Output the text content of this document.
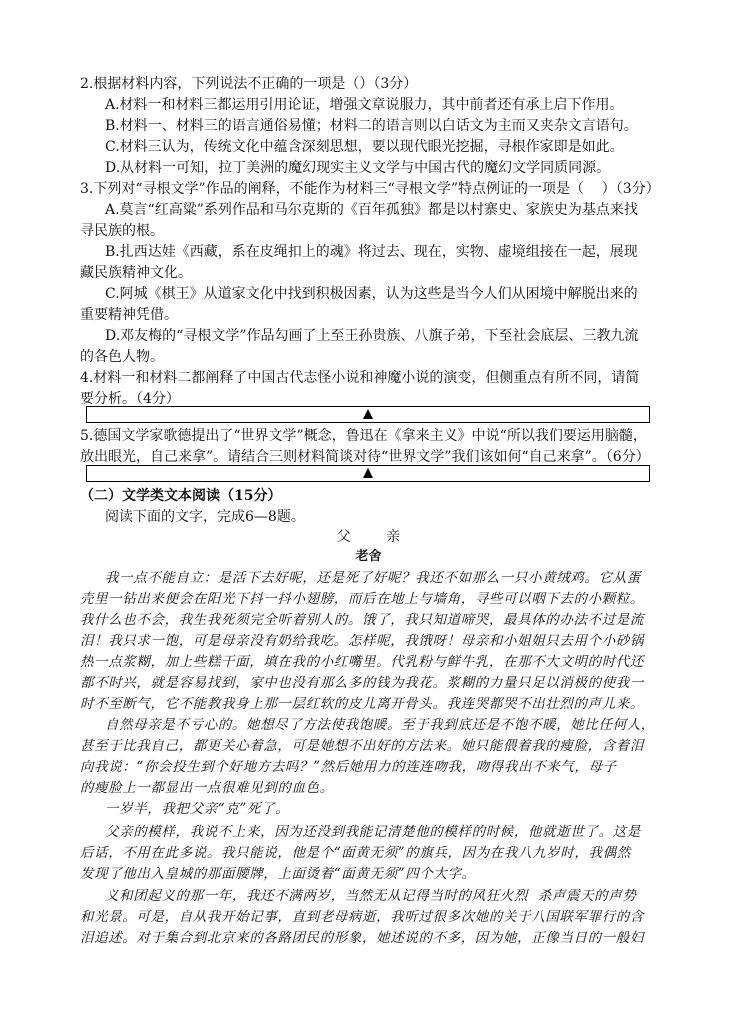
2.根据材料内容，下列说法不正确的一项是（）（3分）
A.材料一和材料三都运用引用论证，增强文章说服力，其中前者还有承上启下作用。
B.材料一、材料三的语言通俗易懂；材料二的语言则以白话文为主而又夹杂文言语句。
C.材料三认为，传统文化中蕴含深刻思想，要以现代眼光挖掘，寻根作家即是如此。
D.从材料一可知，拉丁美洲的魔幻现实主义文学与中国古代的魔幻文学同质同源。
3.下列对“寻根文学”作品的阐释，不能作为材料三“寻根文学”特点例证的一项是（    ）（3分）
A.莫言“红高粱”系列作品和马尔克斯的《百年孤独》都是以村寨史、家族史为基点来找
寻民族的根。
B.扎西达娃《西藏，系在皮绳扣上的魂》将过去、现在，实物、虚境组接在一起，展现
藏民族精神文化。
C.阿城《棋王》从道家文化中找到积极因素，认为这些是当今人们从困境中解脱出来的
重要精神凭借。
D.邓友梅的“寻根文学”作品勾画了上至王孙贵族、八旗子弟，下至社会底层、三教九流
的各色人物。
4.材料一和材料二都阐释了中国古代志怪小说和神魔小说的演变，但侧重点有所不同，请简
要分析。（4分）
5.德国文学家歌德提出了“世界文学”概念，鲁迅在《拿来主义》中说“所以我们要运用脑髓，
放出眼光，自己来拿”。请结合三则材料简谈对待“世界文学”我们该如何“自己来拿”。（6分）
（二）文学类文本阅读（15分）
阅读下面的文字，完成6—8题。
父        亲
老舍
我一点不能自立：是活下去好呢，还是死了好呢？我还不如那么一只小黄绒鸡。它从蛋
壳里一钻出来便会在阳光下抖一抖小翅膀，而后在地上与墙角，寻些可以咽下去的小颗粒。
我什么也不会，我生我死须完全听着别人的。饿了，我只知道啼哭，最具体的办法不过是流
泪！我只求一饱，可是母亲没有奶给我吃。怎样呢，我饿呀！母亲和小姐姐只去用个小砂锅
热一点浆糊，加上些糕干面，填在我的小红嘴里。代乳粉与鲜牛乳，在那不大文明的时代还
都不时兴，就是容易找到，家中也没有那么多的钱为我花。浆糊的力量只足以消极的使我一
时不至断气，它不能教我身上那一层红软的皮儿离开骨头。我连哭都哭不出壮烈的声儿来。
自然母亲是不亏心的。她想尽了方法使我饱暖。至于我到底还是不饱不暖，她比任何人，
甚至于比我自己，都更关心着急，可是她想不出好的方法来。她只能偎着我的瘦脸，含着泪
向我说：“你会投生到个好地方去吗？”然后她用力的连连吻我，吻得我出不来气，母子
的瘦脸上一都显出一点很难见到的血色。
一岁半，我把父亲“克”死了。
父亲的模样，我说不上来，因为还没到我能记清楚他的模样的时候，他就逝世了。这是
后话，不用在此多说。我只能说，他是个“面黄无须”的旗兵，因为在我八九岁时，我偶然
发现了他出入皇城的那面腰牌，上面烫着“面黄无须”四个大字。
义和团起义的那一年，我还不满两岁，当然无从记得当时的风狂火烈  杀声震天的声势
和光景。可是，自从我开始记事，直到老母病逝，我听过很多次她的关于八国联军罪行的含
泪追述。对于集合到北京来的各路团民的形象，她述说的不多，因为她，正像当日的一般妇
